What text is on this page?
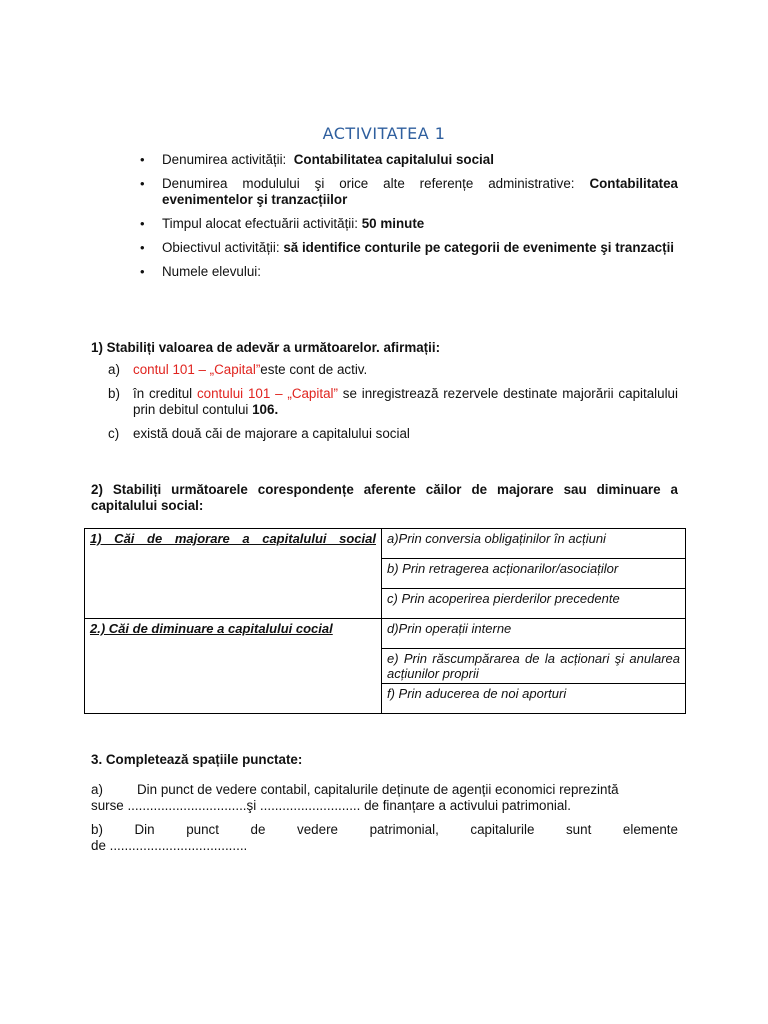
ACTIVITATEA 1
• Denumirea activității: Contabilitatea capitalului social
• Denumirea modulului şi orice alte referențe administrative: Contabilitatea evenimentelor şi tranzacțiilor
• Timpul alocat efectuării activității: 50 minute
• Obiectivul activității: să identifice conturile pe categorii de evenimente şi tranzacții
• Numele elevului:
1) Stabiliți valoarea de adevăr a următoarelor. afirmații:
a) contul 101 – „Capital”este cont de activ.
b) în creditul contului 101 – „Capital” se inregistrează rezervele destinate majorării capitalului prin debitul contului 106.
c) există două căi de majorare a capitalului social
2) Stabiliți următoarele corespondențe aferente căilor de majorare sau diminuare a capitalului social:
1) Căi de majorare a capitalului social	a)Prin conversia obligaținilor în acțiuni
	b) Prin retragerea acționarilor/asociaților
	c) Prin acoperirea pierderilor precedente
2.) Căi de diminuare a capitalului cocial	d)Prin operații interne
	e) Prin răscumpărarea de la acționari şi anularea acțiunilor proprii
	f) Prin aducerea de noi aporturi
3. Completează spațiile punctate:
a)	Din punct de vedere contabil, capitalurile deținute de agenții economici reprezintă
surse ................................şi ........................... de finanțare a activului patrimonial.
b) Din punct de vedere patrimonial, capitalurile sunt elemente
de .....................................
